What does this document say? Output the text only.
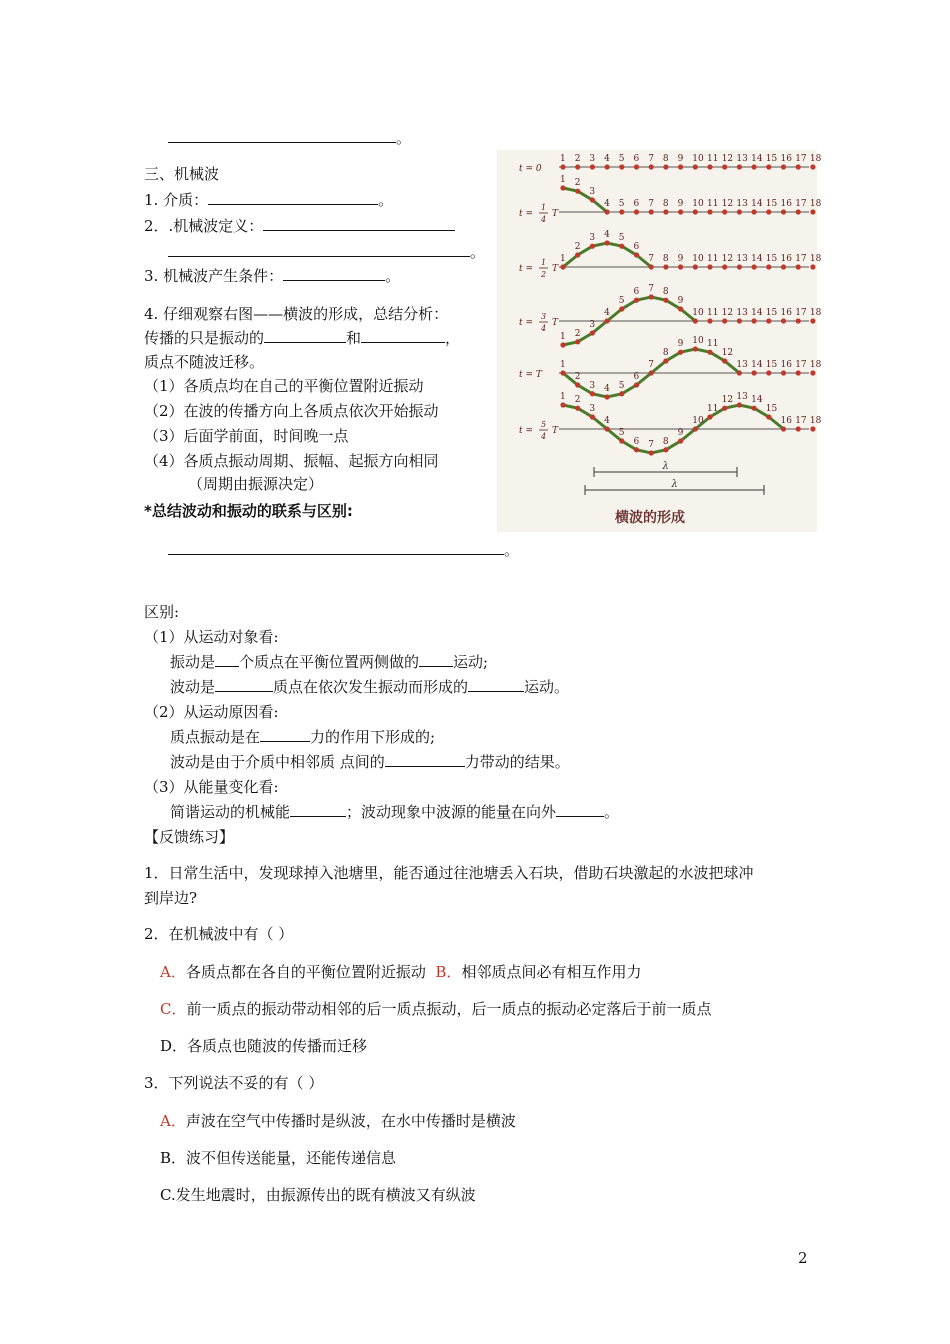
。
三、机械波
1. 介质：	。
2．.机械波定义：
。
3. 机械波产生条件：	。
4. 仔细观察右图——横波的形成，总结分析：
传播的只是振动的	和	，
质点不随波迁移。
（1）各质点均在自己的平衡位置附近振动
（2）在波的传播方向上各质点依次开始振动
（3）后面学前面，时间晚一点
（4）各质点振动周期、振幅、起振方向相同
（周期由振源决定）
*总结波动和振动的联系与区别:
。
区别:
（1）从运动对象看:
振动是 个质点在平衡位置两侧做的 运动;
波动是	质点在依次发生振动而形成的	运动。
（2）从运动原因看:
质点振动是在	力的作用下形成的;
波动是由于介质中相邻质 点间的	力带动的结果。
（3）从能量变化看:
简谐运动的机械能	；波动现象中波源的能量在向外	。
【反馈练习】
1．日常生活中，发现球掉入池塘里，能否通过往池塘丢入石块，借助石块激起的水波把球冲
到岸边?
2．在机械波中有（ ）
A．各质点都在各自的平衡位置附近振动 B．相邻质点间必有相互作用力
C．前一质点的振动带动相邻的后一质点振动，后一质点的振动必定落后于前一质点
D．各质点也随波的传播而迁移
3．下列说法不妥的有（ ）
A．声波在空气中传播时是纵波，在水中传播时是横波
B．波不但传送能量，还能传递信息
C.发生地震时，由振源传出的既有横波又有纵波
2
t = 0
1 2 3 4 5 6 7 8 9 10 11 12 13 14 15 16 17 18
t =
1
4
T
1 2
3
4 5 6 7 8 9 10 11 12 13 14 15 16 17 18
t =
1
2
T
1
2
3 4 5
6
7 8 9 10 11 12 13 14 15 16 17 18
t =
3
4
T
1 2
3
4
5
6 7 8
9
10 11 12 13 14 15 16 17 18
t = T
1
2
3 4 5
6
7
8
9 10 11
12
13 14 15 16 17 18
t =
5
4
T
1 2
3
4
5
6 7 8
9
10
11
12 13 14
15
16 17 18
λ
λ
横波的形成
